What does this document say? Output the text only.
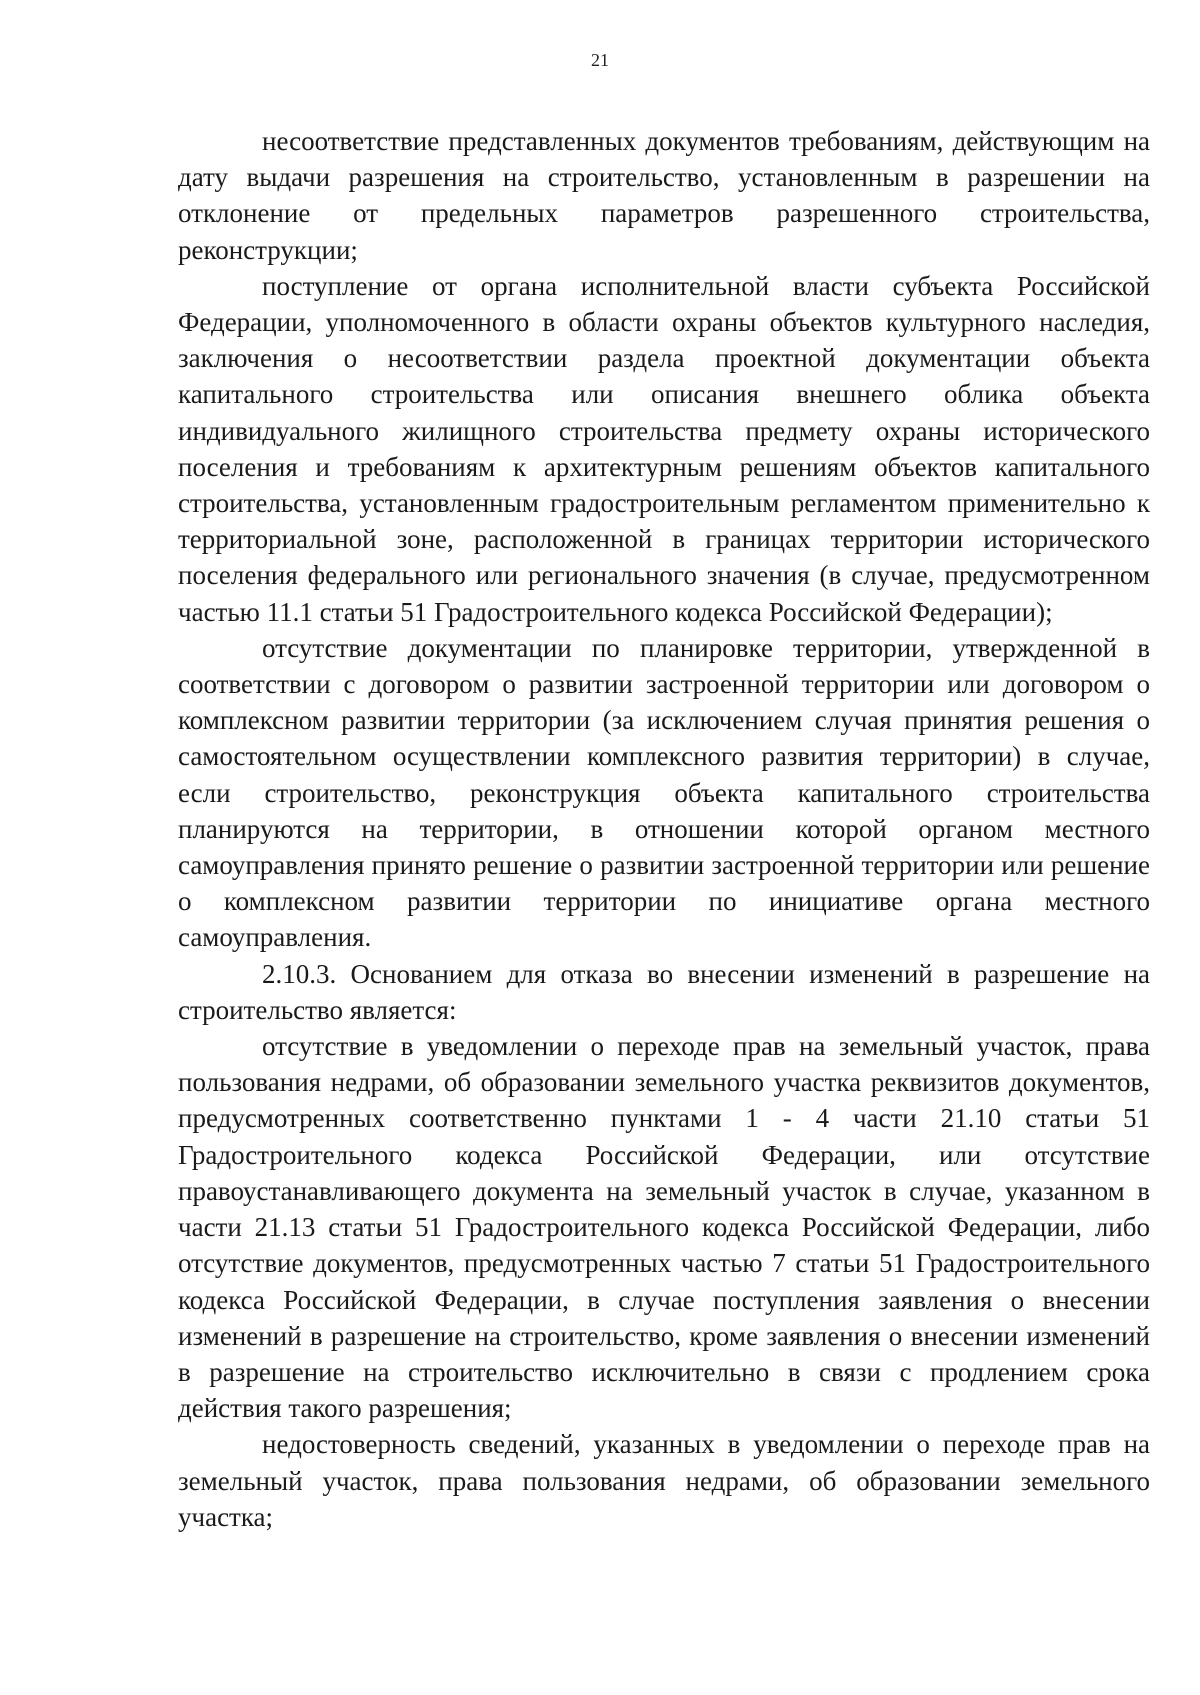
21

несоответствие представленных документов требованиям, действующим на дату выдачи разрешения на строительство, установленным в разрешении на отклонение от предельных параметров разрешенного строительства, реконструкции;

поступление от органа исполнительной власти субъекта Российской Федерации, уполномоченного в области охраны объектов культурного наследия, заключения о несоответствии раздела проектной документации объекта капитального строительства или описания внешнего облика объекта индивидуального жилищного строительства предмету охраны исторического поселения и требованиям к архитектурным решениям объектов капитального строительства, установленным градостроительным регламентом применительно к территориальной зоне, расположенной в границах территории исторического поселения федерального или регионального значения (в случае, предусмотренном частью 11.1 статьи 51 Градостроительного кодекса Российской Федерации);

отсутствие документации по планировке территории, утвержденной в соответствии с договором о развитии застроенной территории или договором о комплексном развитии территории (за исключением случая принятия решения о самостоятельном осуществлении комплексного развития территории) в случае, если строительство, реконструкция объекта капитального строительства планируются на территории, в отношении которой органом местного самоуправления принято решение о развитии застроенной территории или решение о комплексном развитии территории по инициативе органа местного самоуправления.

2.10.3. Основанием для отказа во внесении изменений в разрешение на строительство является:

отсутствие в уведомлении о переходе прав на земельный участок, права пользования недрами, об образовании земельного участка реквизитов документов, предусмотренных соответственно пунктами 1 - 4 части 21.10 статьи 51 Градостроительного кодекса Российской Федерации, или отсутствие правоустанавливающего документа на земельный участок в случае, указанном в части 21.13 статьи 51 Градостроительного кодекса Российской Федерации, либо отсутствие документов, предусмотренных частью 7 статьи 51 Градостроительного кодекса Российской Федерации, в случае поступления заявления о внесении изменений в разрешение на строительство, кроме заявления о внесении изменений в разрешение на строительство исключительно в связи с продлением срока действия такого разрешения;

недостоверность сведений, указанных в уведомлении о переходе прав на земельный участок, права пользования недрами, об образовании земельного участка;
